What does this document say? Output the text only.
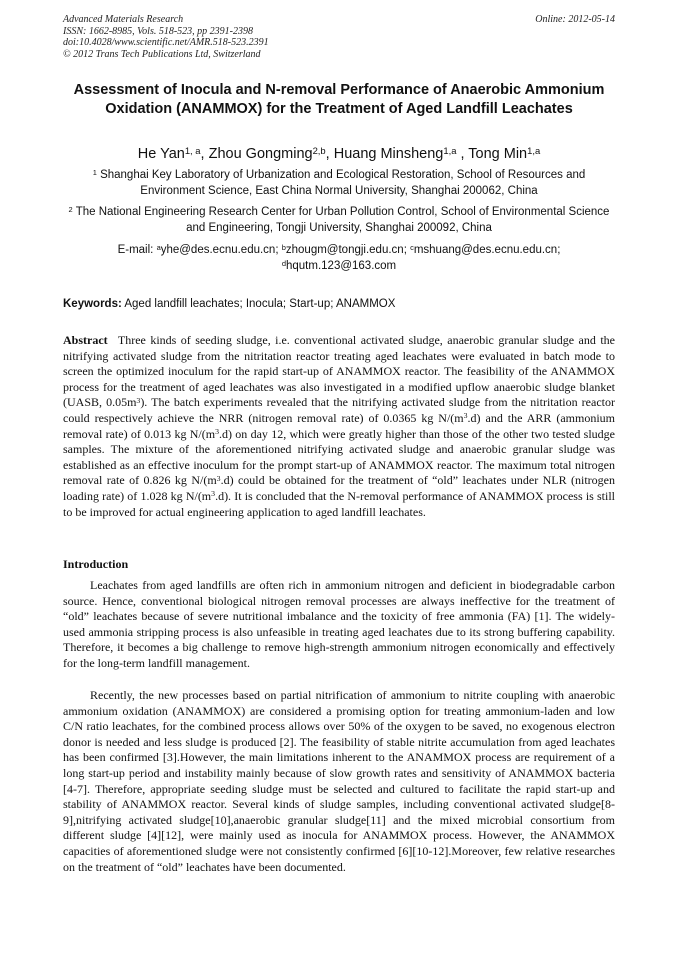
Advanced Materials Research
ISSN: 1662-8985, Vols. 518-523, pp 2391-2398
doi:10.4028/www.scientific.net/AMR.518-523.2391
© 2012 Trans Tech Publications Ltd, Switzerland
Online: 2012-05-14
Assessment of Inocula and N-removal Performance of Anaerobic Ammonium Oxidation (ANAMMOX) for the Treatment of Aged Landfill Leachates
He Yan$^{1, a}$, Zhou Gongming$^{2,b}$, Huang Minsheng$^{1,a}$ , Tong Min$^{1,a}$
$^1$ Shanghai Key Laboratory of Urbanization and Ecological Restoration, School of Resources and Environment Science, East China Normal University, Shanghai 200062, China
$^2$ The National Engineering Research Center for Urban Pollution Control, School of Environmental Science and Engineering, Tongji University, Shanghai 200092, China
E-mail: $^a$yhe@des.ecnu.edu.cn; $^b$zhougm@tongji.edu.cn; $^c$mshuang@des.ecnu.edu.cn;
$^d$hqutm.123@163.com
Keywords: Aged landfill leachates; Inocula; Start-up; ANAMMOX
Abstract Three kinds of seeding sludge, i.e. conventional activated sludge, anaerobic granular sludge and the nitrifying activated sludge from the nitritation reactor treating aged leachates were evaluated in batch mode to screen the optimized inoculum for the rapid start-up of ANAMMOX reactor. The feasibility of the ANAMMOX process for the treatment of aged leachates was also investigated in a modified upflow anaerobic sludge blanket (UASB, $0.05m^3$). The batch experiments revealed that the nitrifying activated sludge from the nitritation reactor could respectively achieve the NRR (nitrogen removal rate) of 0.0365 kg $N/(m^3.d)$ and the ARR (ammonium removal rate) of 0.013 kg $N/(m^3.d)$ on day 12, which were greatly higher than those of the other two tested sludge samples. The mixture of the aforementioned nitrifying activated sludge and anaerobic granular sludge was established as an effective inoculum for the prompt start-up of ANAMMOX reactor. The maximum total nitrogen removal rate of 0.826 kg $N/(m^3.d)$ could be obtained for the treatment of “old” leachates under NLR (nitrogen loading rate) of 1.028 kg $N/(m^3.d)$. It is concluded that the N-removal performance of ANAMMOX process is still to be improved for actual engineering application to aged landfill leachates.
Introduction
Leachates from aged landfills are often rich in ammonium nitrogen and deficient in biodegradable carbon source. Hence, conventional biological nitrogen removal processes are always ineffective for the treatment of “old” leachates because of severe nutritional imbalance and the toxicity of free ammonia (FA) [1]. The widely-used ammonia stripping process is also unfeasible in treating aged leachates due to its strong buffering capability. Therefore, it becomes a big challenge to remove high-strength ammonium nitrogen economically and effectively for the long-term landfill management.
Recently, the new processes based on partial nitrification of ammonium to nitrite coupling with anaerobic ammonium oxidation (ANAMMOX) are considered a promising option for treating ammonium-laden and low C/N ratio leachates, for the combined process allows over 50% of the oxygen to be saved, no exogenous electron donor is needed and less sludge is produced [2]. The feasibility of stable nitrite accumulation from aged leachates has been confirmed [3].However, the main limitations inherent to the ANAMMOX process are requirement of a long start-up period and instability mainly because of slow growth rates and sensitivity of ANAMMOX bacteria [4-7]. Therefore, appropriate seeding sludge must be selected and cultured to facilitate the rapid start-up and stability of ANAMMOX reactor. Several kinds of sludge samples, including conventional activated sludge[8-9],nitrifying activated sludge[10],anaerobic granular sludge[11] and the mixed microbial consortium from different sludge [4][12], were mainly used as inocula for ANAMMOX process. However, the ANAMMOX capacities of aforementioned sludge were not consistently confirmed [6][10-12].Moreover, few relative researches on the treatment of “old” leachates have been documented.
